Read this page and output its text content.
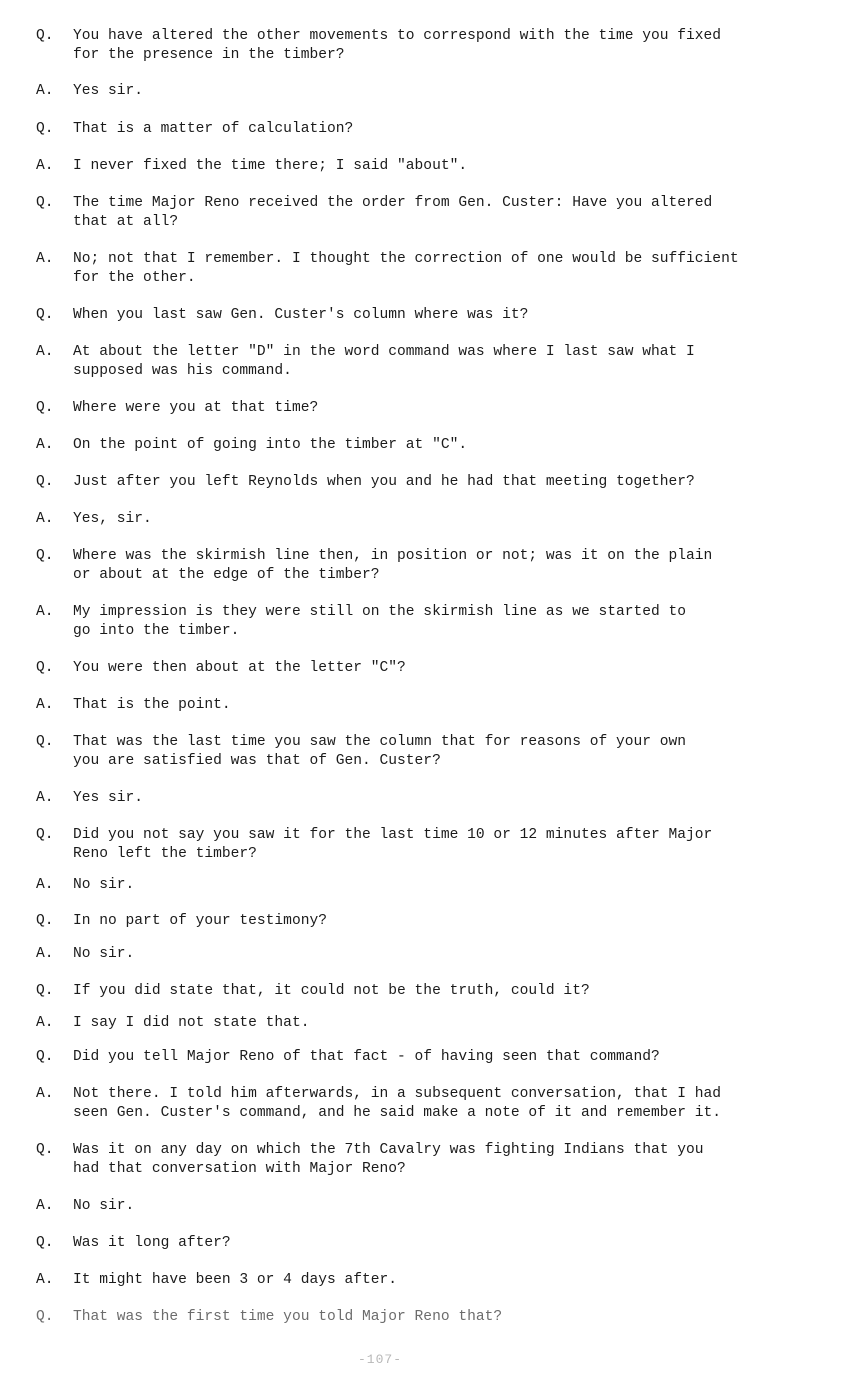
Q.	You have altered the other movements to correspond with the time you fixed
for the presence in the timber?
A.	Yes sir.
Q.	That is a matter of calculation?
A.	I never fixed the time there; I said "about".
Q.	The time Major Reno received the order from Gen. Custer: Have you altered
that at all?
A.	No; not that I remember. I thought the correction of one would be sufficient
for the other.
Q.	When you last saw Gen. Custer's column where was it?
A.	At about the letter "D" in the word command was where I last saw what I
supposed was his command.
Q.	Where were you at that time?
A.	On the point of going into the timber at "C".
Q.	Just after you left Reynolds when you and he had that meeting together?
A.	Yes, sir.
Q.	Where was the skirmish line then, in position or not; was it on the plain
or about at the edge of the timber?
A.	My impression is they were still on the skirmish line as we started to
go into the timber.
Q.	You were then about at the letter "C"?
A.	That is the point.
Q.	That was the last time you saw the column that for reasons of your own
you are satisfied was that of Gen. Custer?
A.	Yes sir.
Q.	Did you not say you saw it for the last time 10 or 12 minutes after Major
Reno left the timber?
A.	No sir.
Q.	In no part of your testimony?
A.	No sir.
Q.	If you did state that, it could not be the truth, could it?
A.	I say I did not state that.
Q.	Did you tell Major Reno of that fact - of having seen that command?
A.	Not there. I told him afterwards, in a subsequent conversation, that I had
seen Gen. Custer's command, and he said make a note of it and remember it.
Q.	Was it on any day on which the 7th Cavalry was fighting Indians that you
had that conversation with Major Reno?
A.	No sir.
Q.	Was it long after?
A.	It might have been 3 or 4 days after.
Q.	That was the first time you told Major Reno that?
-107-
